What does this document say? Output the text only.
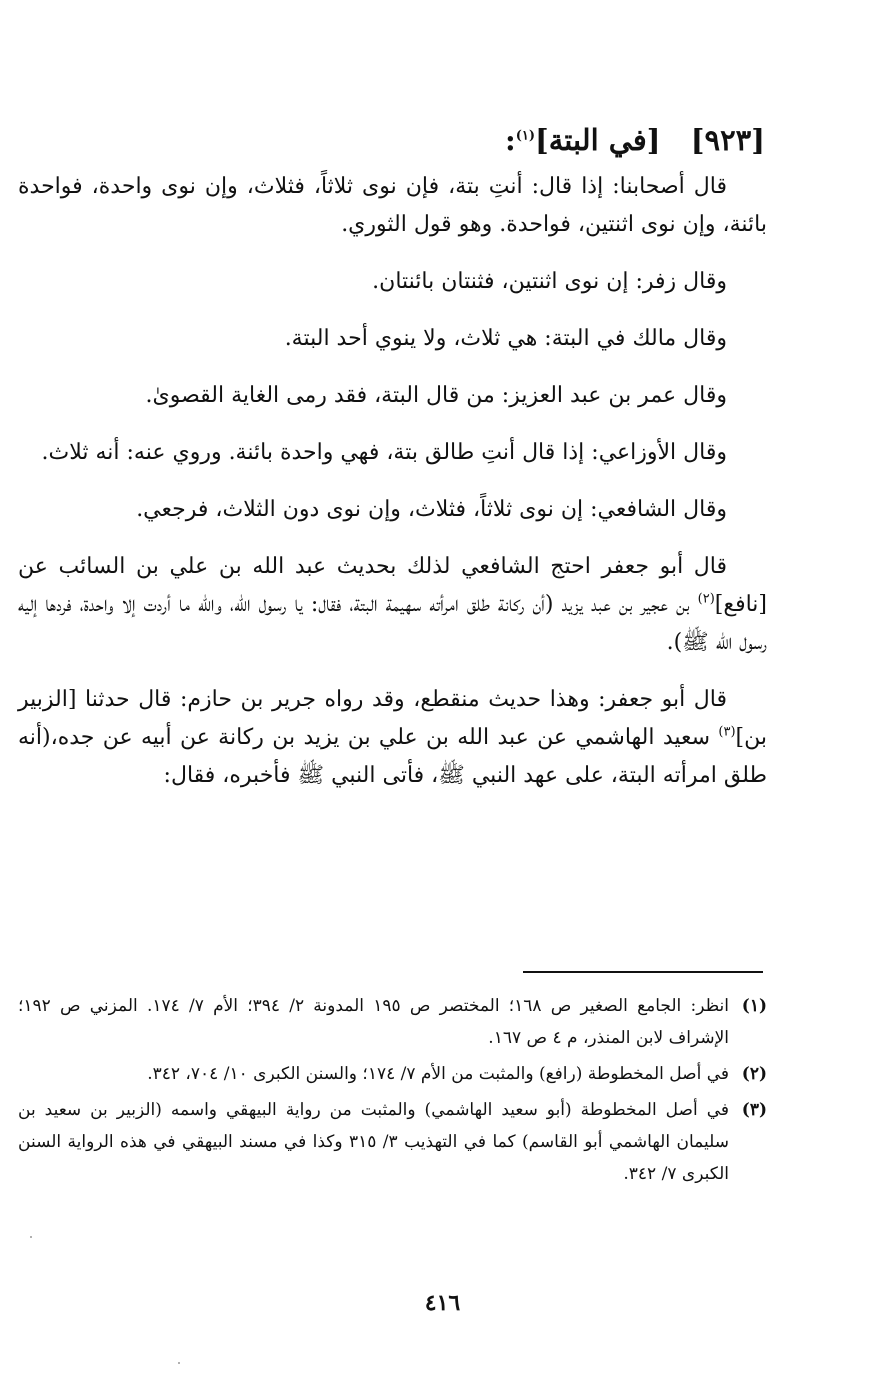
[٩٢٣]   [في البتة]$^{(١)}$:

قال أصحابنا: إذا قال: أنتِ بتة، فإن نوى ثلاثاً، فثلاث، وإن نوى واحدة، فواحدة بائنة، وإن نوى اثنتين، فواحدة. وهو قول الثوري.

وقال زفر: إن نوى اثنتين، فثنتان بائنتان.

وقال مالك في البتة: هي ثلاث، ولا ينوي أحد البتة.

وقال عمر بن عبد العزيز: من قال البتة، فقد رمى الغاية القصوىٰ.

وقال الأوزاعي: إذا قال أنتِ طالق بتة، فهي واحدة بائنة. وروي عنه: أنه ثلاث.

وقال الشافعي: إن نوى ثلاثاً، فثلاث، وإن نوى دون الثلاث، فرجعي.

قال أبو جعفر احتج الشافعي لذلك بحديث عبد الله بن علي بن السائب عن [نافع]$^{(٢)}$ بن عجير بن عبد يزيد (أن ركانة طلق امرأته سهيمة البتة، فقال: يا رسول الله، والله ما أردت إلا واحدة، فردها إليه رسول الله ﷺ).

قال أبو جعفر: وهذا حديث منقطع، وقد رواه جرير بن حازم: قال حدثنا [الزبير بن]$^{(٣)}$ سعيد الهاشمي عن عبد الله بن علي بن يزيد بن ركانة عن أبيه عن جده،(أنه طلق امرأته البتة، على عهد النبي ﷺ، فأتى النبي ﷺ فأخبره، فقال:

(١)
انظر: الجامع الصغير ص ١٦٨؛ المختصر ص ١٩٥ المدونة ٢/ ٣٩٤؛ الأم ٧/ ١٧٤. المزني ص ١٩٢؛ الإشراف لابن المنذر، م ٤ ص ١٦٧.
(٢)
في أصل المخطوطة (رافع) والمثبت من الأم ٧/ ١٧٤؛ والسنن الكبرى ١٠/ ٧٠٤، ٣٤٢.
(٣)
في أصل المخطوطة (أبو سعيد الهاشمي) والمثبت من رواية البيهقي واسمه (الزبير بن سعيد بن سليمان الهاشمي أبو القاسم) كما في التهذيب ٣/ ٣١٥ وكذا في مسند البيهقي في هذه الرواية السنن الكبرى ٧/ ٣٤٢.
٤١٦
